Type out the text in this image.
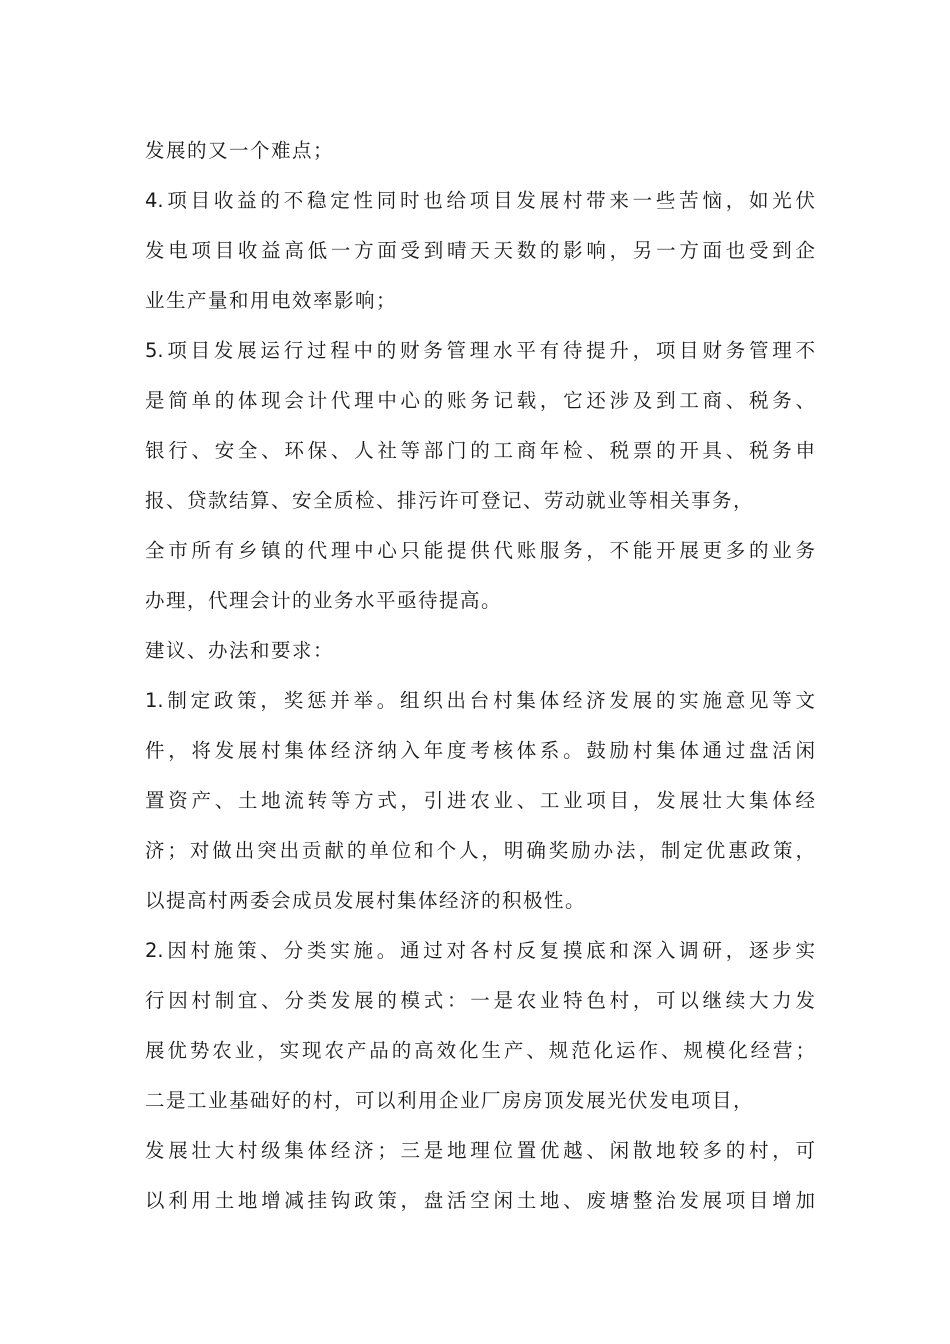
发展的又一个难点；
4.项目收益的不稳定性同时也给项目发展村带来一些苦恼，如光伏
发电项目收益高低一方面受到晴天天数的影响，另一方面也受到企
业生产量和用电效率影响；
5.项目发展运行过程中的财务管理水平有待提升，项目财务管理不
是简单的体现会计代理中心的账务记载，它还涉及到工商、税务、
银行、安全、环保、人社等部门的工商年检、税票的开具、税务申
报、贷款结算、安全质检、排污许可登记、劳动就业等相关事务，
全市所有乡镇的代理中心只能提供代账服务，不能开展更多的业务
办理，代理会计的业务水平亟待提高。
建议、办法和要求：
1.制定政策，奖惩并举。组织出台村集体经济发展的实施意见等文
件，将发展村集体经济纳入年度考核体系。鼓励村集体通过盘活闲
置资产、土地流转等方式，引进农业、工业项目，发展壮大集体经
济；对做出突出贡献的单位和个人，明确奖励办法，制定优惠政策，
以提高村两委会成员发展村集体经济的积极性。
2.因村施策、分类实施。通过对各村反复摸底和深入调研，逐步实
行因村制宜、分类发展的模式：一是农业特色村，可以继续大力发
展优势农业，实现农产品的高效化生产、规范化运作、规模化经营；
二是工业基础好的村，可以利用企业厂房房顶发展光伏发电项目，
发展壮大村级集体经济；三是地理位置优越、闲散地较多的村，可
以利用土地增减挂钩政策，盘活空闲土地、废塘整治发展项目增加
